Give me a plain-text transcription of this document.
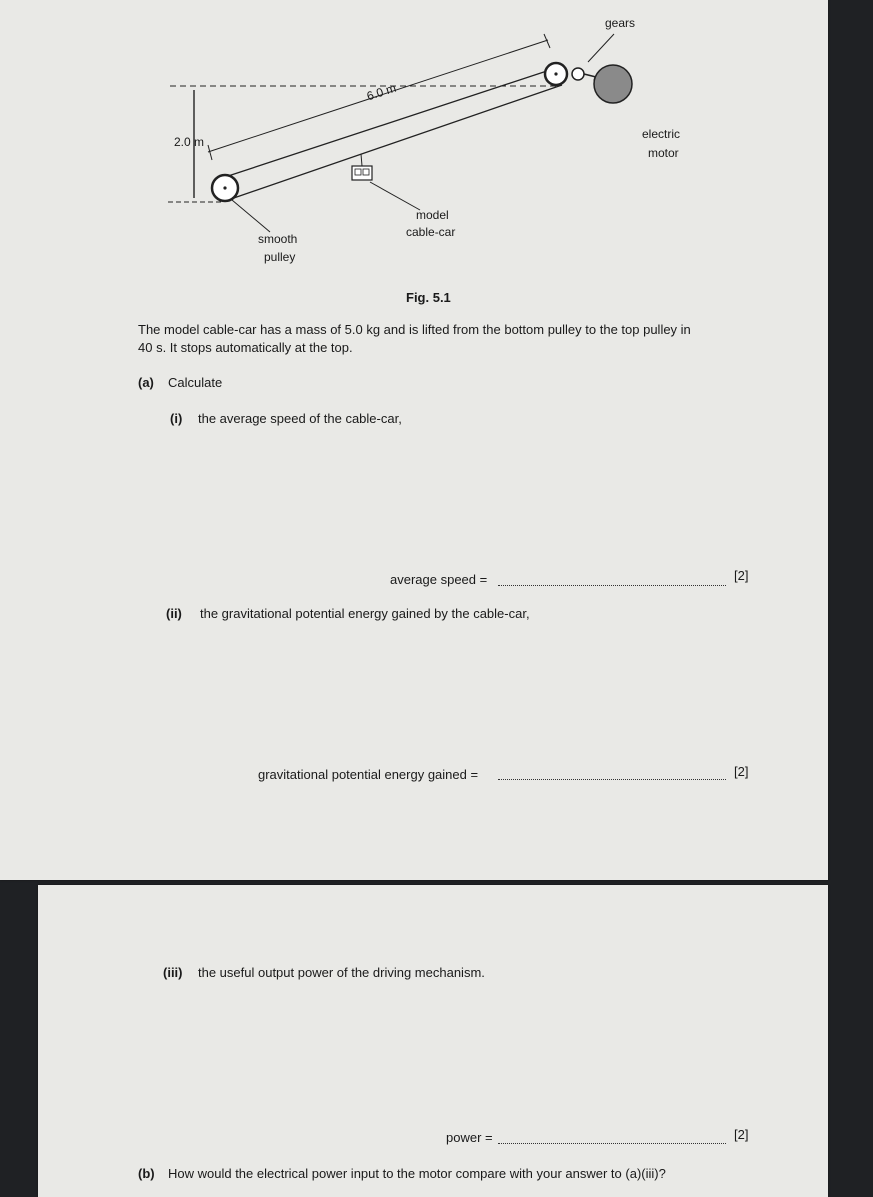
gears
6.0 m
electric
motor
2.0 m
model
cable-car
smooth
pulley
Fig. 5.1
The model cable-car has a mass of 5.0 kg and is lifted from the bottom pulley to the top pulley in
40 s. It stops automatically at the top.
(a) Calculate
(i) the average speed of the cable-car,
average speed =	[2]
(ii) the gravitational potential energy gained by the cable-car,
gravitational potential energy gained =	[2]
(iii) the useful output power of the driving mechanism.
power =	[2]
(b) How would the electrical power input to the motor compare with your answer to (a)(iii)?
